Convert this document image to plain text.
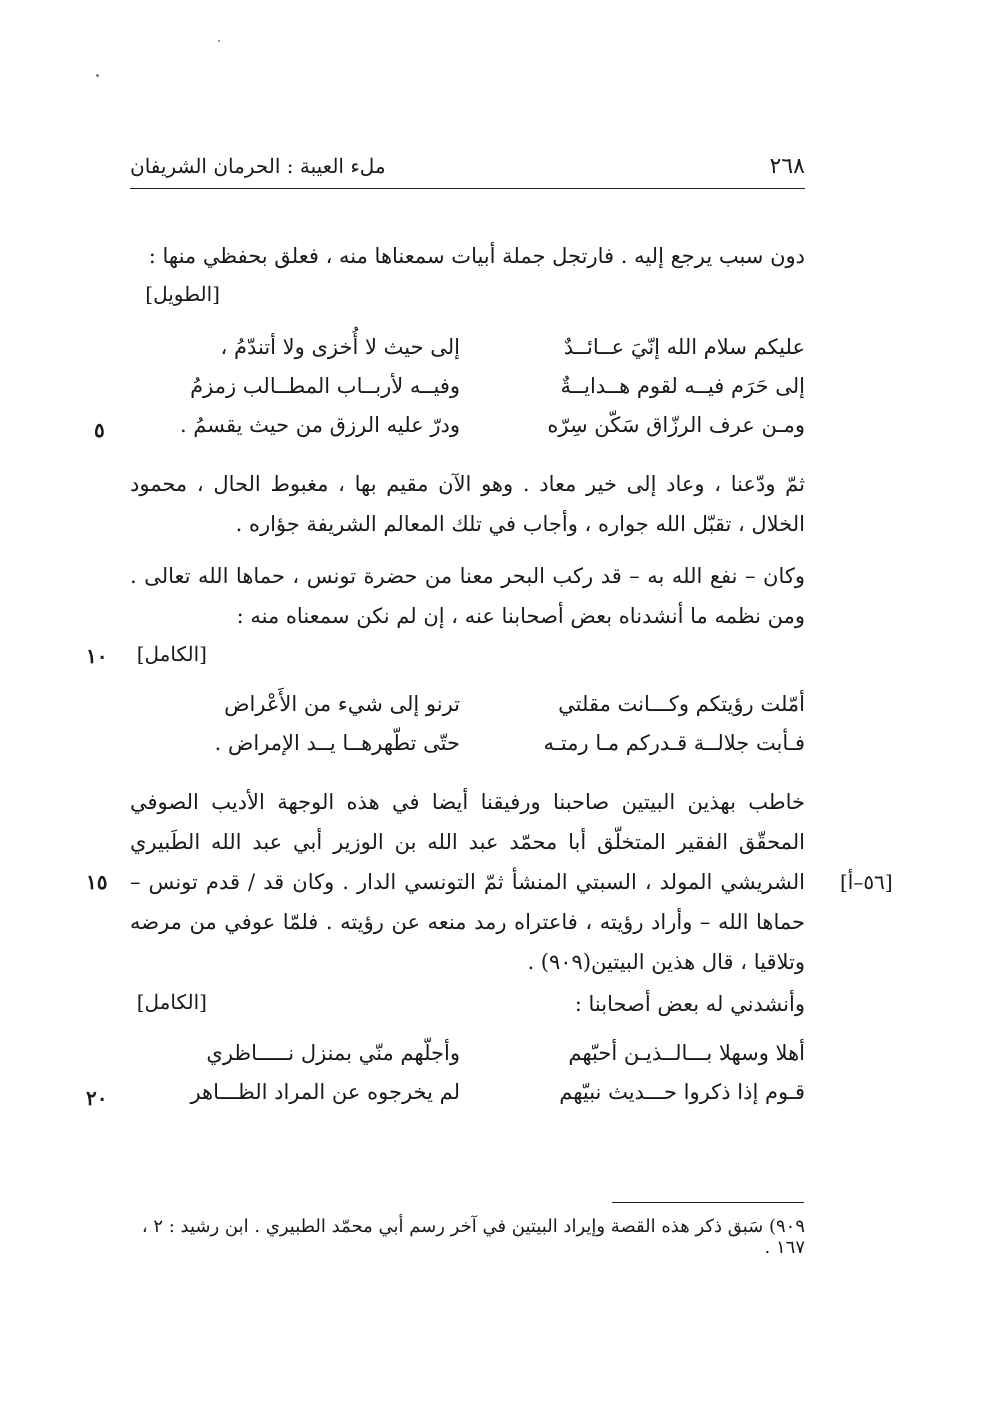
٢٦٨
ملء العيبة : الحرمان الشريفان
دون سبب يرجع إليه . فارتجل جملة أبيات سمعناها منه ، فعلق بحفظي منها :
[الطويل]
عليكم سلام الله إنّيَ عــائــدٌ
إلى حيث لا أُخزى ولا أتندّمُ ،
إلى حَرَم فيــه لقوم هــدايــةٌ
وفيــه لأربــاب المطــالب زمزمُ
ومـن عرف الرزّاق سَكّن سِرّه
ودرّ عليه الرزق من حيث يقسمُ .
٥
ثمّ ودّعنا ، وعاد إلى خير معاد . وهو الآن مقيم بها ، مغبوط الحال ، محمود الخلال ، تقبّل الله جواره ، وأجاب في تلك المعالم الشريفة جؤاره .
وكان – نفع الله به – قد ركب البحر معنا من حضرة تونس ، حماها الله تعالى . ومن نظمه ما أنشدناه بعض أصحابنا عنه ، إن لم نكن سمعناه منه :
[الكامل]
١٠
أمّلت رؤيتكم وكـــانت مقلتي
ترنو إلى شيء من الأَعْراض
فـأبت جلالــة قـدركم مـا رمتـه
حتّى تطّهرهــا يــد الإمراض .
خاطب بهذين البيتين صاحبنا ورفيقنا أيضا في هذه الوجهة الأديب الصوفي المحقّق الفقير المتخلّق أبا محمّد عبد الله بن الوزير أبي عبد الله الطَبيري الشريشي المولد ، السبتي المنشأ ثمّ التونسي الدار . وكان قد / قدم تونس – حماها الله – وأراد رؤيته ، فاعتراه رمد منعه عن رؤيته . فلمّا عوفي من مرضه وتلاقيا ، قال هذين البيتين(٩٠٩) .
١٥	[٥٦–أ]
وأنشدني له بعض أصحابنا :
[الكامل]
أهلا وسهلا بـــالــذيـن أحبّهم
وأجلّهم منّي بمنزل نـــــاظري
قـوم إذا ذكروا حـــديث نبيّهم
لم يخرجوه عن المراد الظـــاهر
٢٠
٩٠٩) سَبق ذكر هذه القصة وإيراد البيتين في آخر رسم أبي محمّد الطبيري . ابن رشيد : ٢ ، ١٦٧ .
